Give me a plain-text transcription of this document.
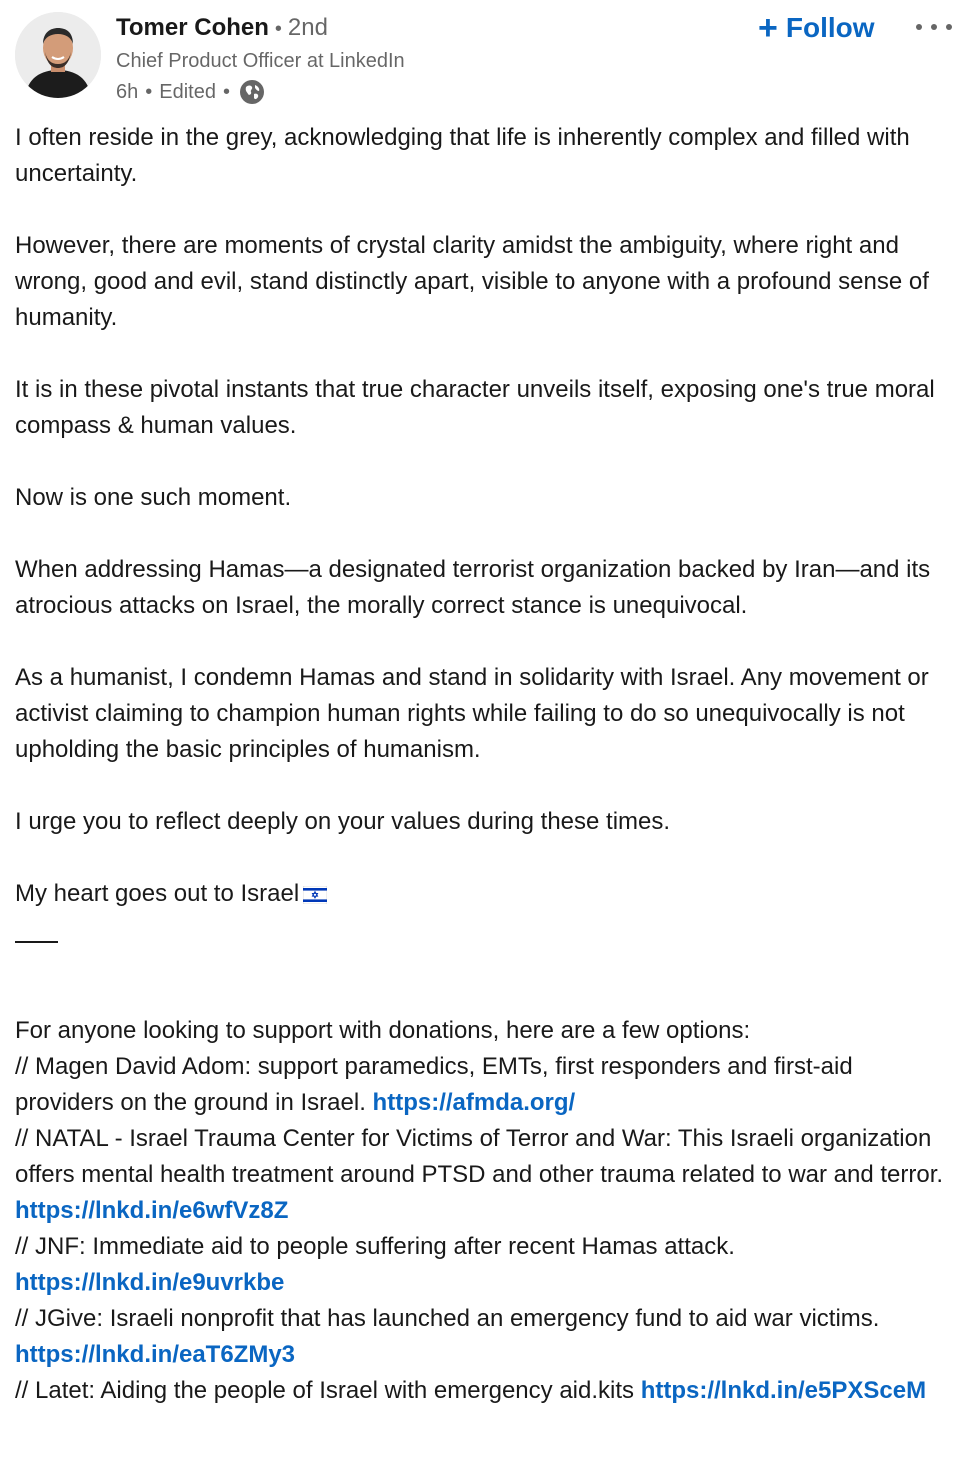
Tomer Cohen • 2nd
Chief Product Officer at LinkedIn
6h • Edited •
+ Follow

I often reside in the grey, acknowledging that life is inherently complex and filled with uncertainty.

However, there are moments of crystal clarity amidst the ambiguity, where right and wrong, good and evil, stand distinctly apart, visible to anyone with a profound sense of humanity.

It is in these pivotal instants that true character unveils itself, exposing one's true moral compass & human values.

Now is one such moment.

When addressing Hamas—a designated terrorist organization backed by Iran—and its atrocious attacks on Israel, the morally correct stance is unequivocal.

As a humanist, I condemn Hamas and stand in solidarity with Israel. Any movement or activist claiming to champion human rights while failing to do so unequivocally is not upholding the basic principles of humanism.

I urge you to reflect deeply on your values during these times.

My heart goes out to Israel

For anyone looking to support with donations, here are a few options:
// Magen David Adom: support paramedics, EMTs, first responders and first-aid providers on the ground in Israel. https://afmda.org/
// NATAL - Israel Trauma Center for Victims of Terror and War: This Israeli organization offers mental health treatment around PTSD and other trauma related to war and terror. https://lnkd.in/e6wfVz8Z
// JNF: Immediate aid to people suffering after recent Hamas attack. https://lnkd.in/e9uvrkbe
// JGive: Israeli nonprofit that has launched an emergency fund to aid war victims. https://lnkd.in/eaT6ZMy3
// Latet: Aiding the people of Israel with emergency aid.kits https://lnkd.in/e5PXSceM
